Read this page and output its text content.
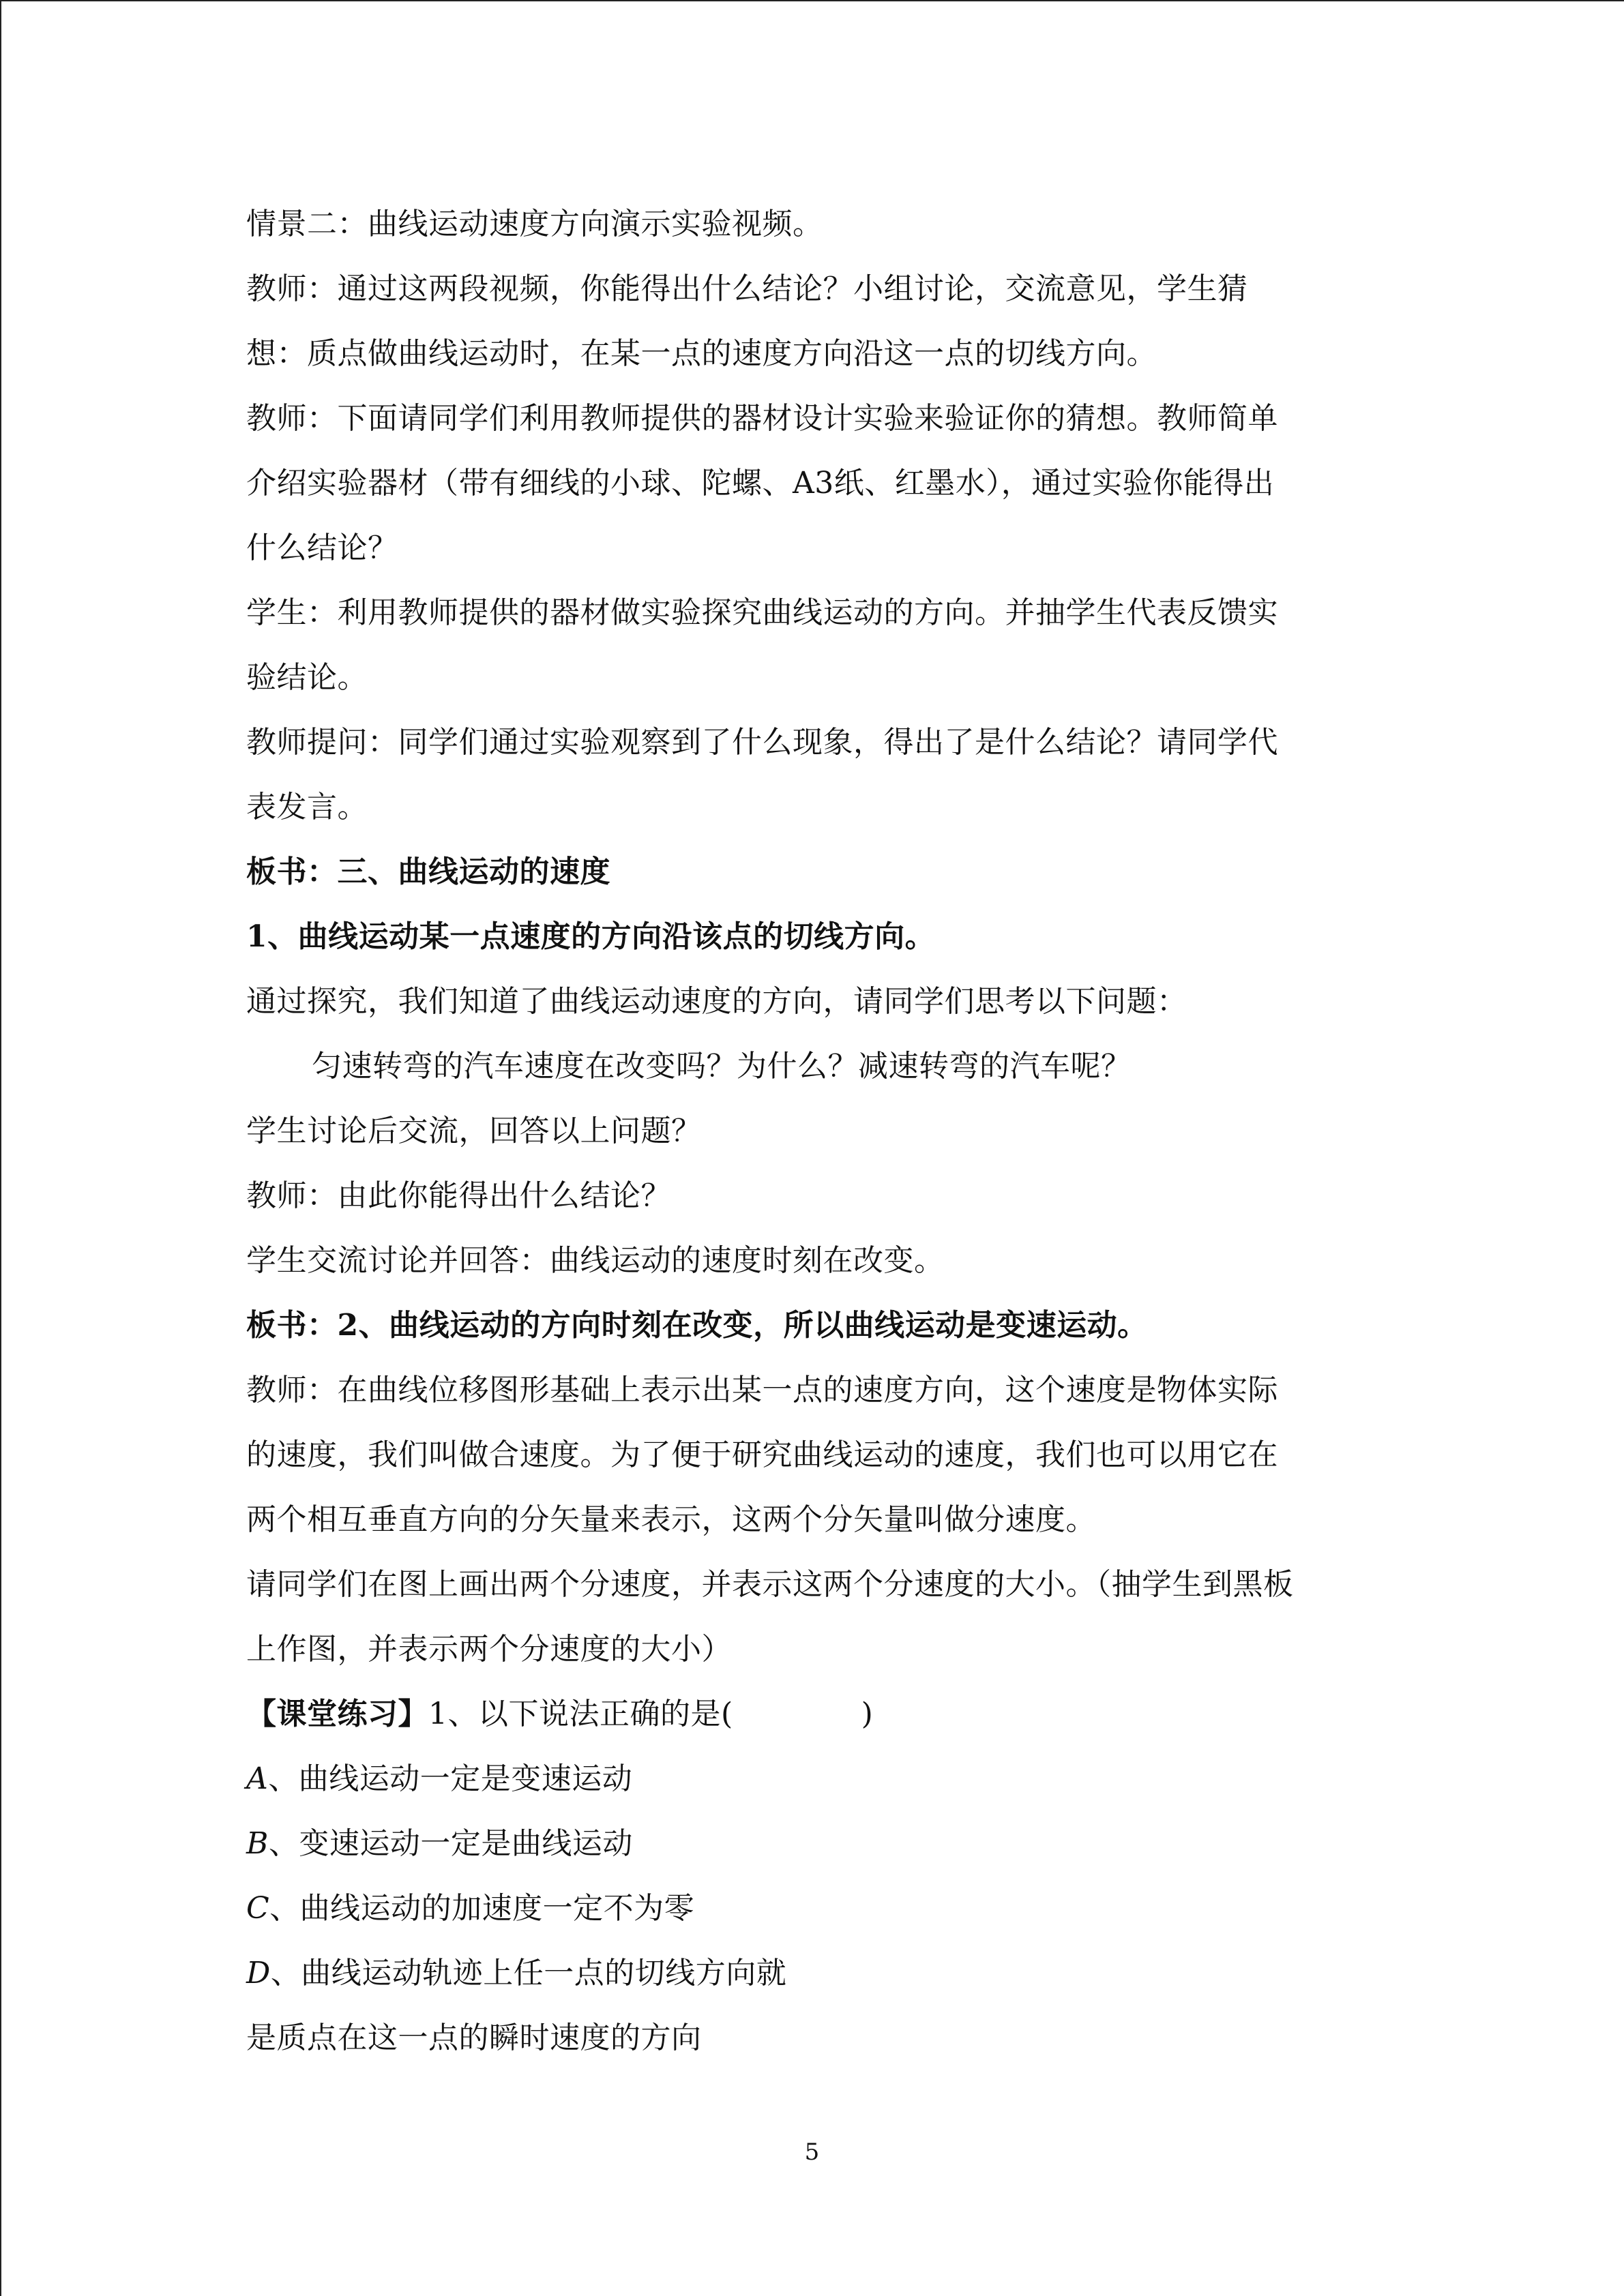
情景二：曲线运动速度方向演示实验视频。
教师：通过这两段视频，你能得出什么结论？小组讨论，交流意见，学生猜
想：质点做曲线运动时，在某一点的速度方向沿这一点的切线方向。
教师：下面请同学们利用教师提供的器材设计实验来验证你的猜想。教师简单
介绍实验器材（带有细线的小球、陀螺、A3纸、红墨水），通过实验你能得出
什么结论？
学生：利用教师提供的器材做实验探究曲线运动的方向。并抽学生代表反馈实
验结论。
教师提问：同学们通过实验观察到了什么现象，得出了是什么结论？请同学代
表发言。
板书：三、曲线运动的速度
1、曲线运动某一点速度的方向沿该点的切线方向。
通过探究，我们知道了曲线运动速度的方向，请同学们思考以下问题：
匀速转弯的汽车速度在改变吗？为什么？减速转弯的汽车呢？
学生讨论后交流，回答以上问题？
教师：由此你能得出什么结论？
学生交流讨论并回答：曲线运动的速度时刻在改变。
板书：2、曲线运动的方向时刻在改变，所以曲线运动是变速运动。
教师：在曲线位移图形基础上表示出某一点的速度方向，这个速度是物体实际
的速度，我们叫做合速度。为了便于研究曲线运动的速度，我们也可以用它在
两个相互垂直方向的分矢量来表示，这两个分矢量叫做分速度。
请同学们在图上画出两个分速度，并表示这两个分速度的大小。（抽学生到黑板
上作图，并表示两个分速度的大小）
【课堂练习】1、以下说法正确的是(	)
A、曲线运动一定是变速运动
B、变速运动一定是曲线运动
C、曲线运动的加速度一定不为零
D、曲线运动轨迹上任一点的切线方向就
是质点在这一点的瞬时速度的方向
5
